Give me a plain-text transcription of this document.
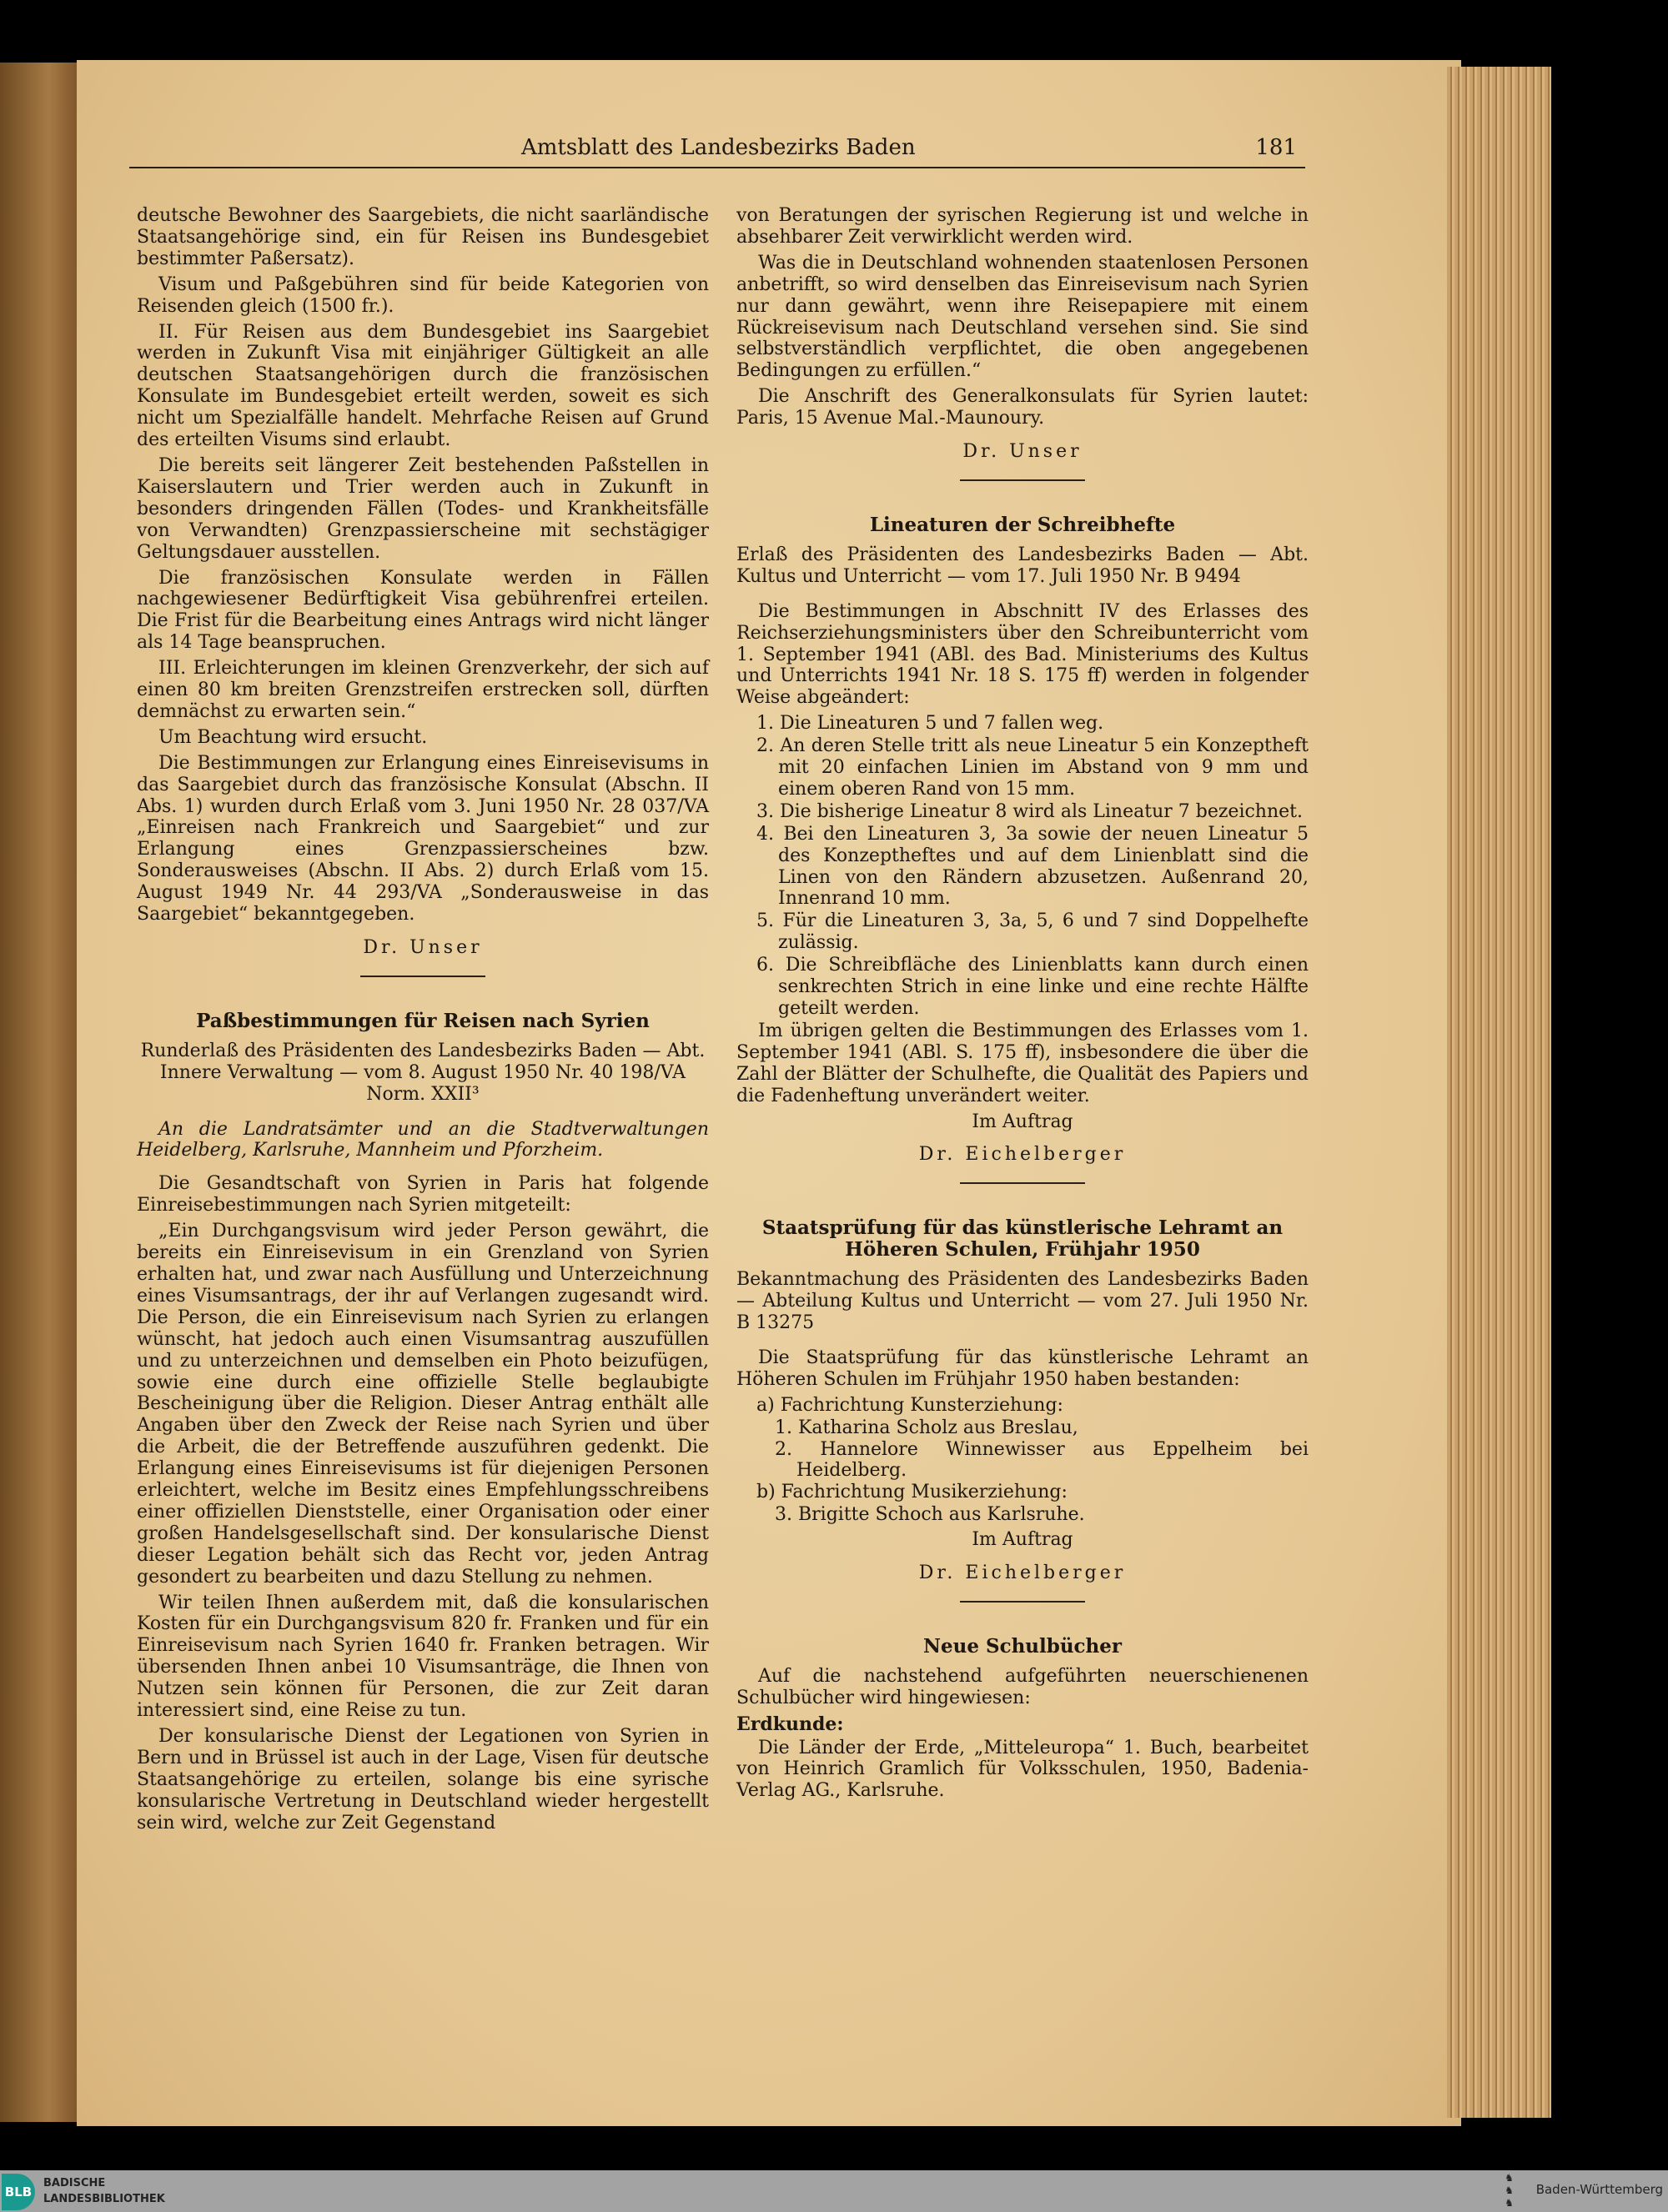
Amtsblatt des Landesbezirks Baden	181
deutsche Bewohner des Saargebiets, die nicht saarländische Staatsangehörige sind, ein für Reisen ins Bundesgebiet bestimmter Paßersatz).
Visum und Paßgebühren sind für beide Kategorien von Reisenden gleich (1500 fr.).
II. Für Reisen aus dem Bundesgebiet ins Saargebiet werden in Zukunft Visa mit einjähriger Gültigkeit an alle deutschen Staatsangehörigen durch die französischen Konsulate im Bundesgebiet erteilt werden, soweit es sich nicht um Spezialfälle handelt. Mehrfache Reisen auf Grund des erteilten Visums sind erlaubt.
Die bereits seit längerer Zeit bestehenden Paßstellen in Kaiserslautern und Trier werden auch in Zukunft in besonders dringenden Fällen (Todes- und Krankheitsfälle von Verwandten) Grenzpassierscheine mit sechstägiger Geltungsdauer ausstellen.
Die französischen Konsulate werden in Fällen nachgewiesener Bedürftigkeit Visa gebührenfrei erteilen. Die Frist für die Bearbeitung eines Antrags wird nicht länger als 14 Tage beanspruchen.
III. Erleichterungen im kleinen Grenzverkehr, der sich auf einen 80 km breiten Grenzstreifen erstrecken soll, dürften demnächst zu erwarten sein.“
Um Beachtung wird ersucht.
Die Bestimmungen zur Erlangung eines Einreisevisums in das Saargebiet durch das französische Konsulat (Abschn. II Abs. 1) wurden durch Erlaß vom 3. Juni 1950 Nr. 28 037/VA „Einreisen nach Frankreich und Saargebiet“ und zur Erlangung eines Grenzpassierscheines bzw. Sonderausweises (Abschn. II Abs. 2) durch Erlaß vom 15. August 1949 Nr. 44 293/VA „Sonderausweise in das Saargebiet“ bekanntgegeben.
Dr. Unser
Paßbestimmungen für Reisen nach Syrien
Runderlaß des Präsidenten des Landesbezirks Baden — Abt. Innere Verwaltung — vom 8. August 1950 Nr. 40 198/VA Norm. XXII³
An die Landratsämter und an die Stadtverwaltungen Heidelberg, Karlsruhe, Mannheim und Pforzheim.
Die Gesandtschaft von Syrien in Paris hat folgende Einreisebestimmungen nach Syrien mitgeteilt:
„Ein Durchgangsvisum wird jeder Person gewährt, die bereits ein Einreisevisum in ein Grenzland von Syrien erhalten hat, und zwar nach Ausfüllung und Unterzeichnung eines Visumsantrags, der ihr auf Verlangen zugesandt wird. Die Person, die ein Einreisevisum nach Syrien zu erlangen wünscht, hat jedoch auch einen Visumsantrag auszufüllen und zu unterzeichnen und demselben ein Photo beizufügen, sowie eine durch eine offizielle Stelle beglaubigte Bescheinigung über die Religion. Dieser Antrag enthält alle Angaben über den Zweck der Reise nach Syrien und über die Arbeit, die der Betreffende auszuführen gedenkt. Die Erlangung eines Einreisevisums ist für diejenigen Personen erleichtert, welche im Besitz eines Empfehlungsschreibens einer offiziellen Dienststelle, einer Organisation oder einer großen Handelsgesellschaft sind. Der konsularische Dienst dieser Legation behält sich das Recht vor, jeden Antrag gesondert zu bearbeiten und dazu Stellung zu nehmen.
Wir teilen Ihnen außerdem mit, daß die konsularischen Kosten für ein Durchgangsvisum 820 fr. Franken und für ein Einreisevisum nach Syrien 1640 fr. Franken betragen. Wir übersenden Ihnen anbei 10 Visumsanträge, die Ihnen von Nutzen sein können für Personen, die zur Zeit daran interessiert sind, eine Reise zu tun.
Der konsularische Dienst der Legationen von Syrien in Bern und in Brüssel ist auch in der Lage, Visen für deutsche Staatsangehörige zu erteilen, solange bis eine syrische konsularische Vertretung in Deutschland wieder hergestellt sein wird, welche zur Zeit Gegenstand
von Beratungen der syrischen Regierung ist und welche in absehbarer Zeit verwirklicht werden wird.
Was die in Deutschland wohnenden staatenlosen Personen anbetrifft, so wird denselben das Einreisevisum nach Syrien nur dann gewährt, wenn ihre Reisepapiere mit einem Rückreisevisum nach Deutschland versehen sind. Sie sind selbstverständlich verpflichtet, die oben angegebenen Bedingungen zu erfüllen.“
Die Anschrift des Generalkonsulats für Syrien lautet: Paris, 15 Avenue Mal.-Maunoury.
Dr. Unser
Lineaturen der Schreibhefte
Erlaß des Präsidenten des Landesbezirks Baden — Abt. Kultus und Unterricht — vom 17. Juli 1950 Nr. B 9494
Die Bestimmungen in Abschnitt IV des Erlasses des Reichserziehungsministers über den Schreibunterricht vom 1. September 1941 (ABl. des Bad. Ministeriums des Kultus und Unterrichts 1941 Nr. 18 S. 175 ff) werden in folgender Weise abgeändert:
1. Die Lineaturen 5 und 7 fallen weg.
2. An deren Stelle tritt als neue Lineatur 5 ein Konzeptheft mit 20 einfachen Linien im Abstand von 9 mm und einem oberen Rand von 15 mm.
3. Die bisherige Lineatur 8 wird als Lineatur 7 bezeichnet.
4. Bei den Lineaturen 3, 3a sowie der neuen Lineatur 5 des Konzeptheftes und auf dem Linienblatt sind die Linen von den Rändern abzusetzen. Außenrand 20, Innenrand 10 mm.
5. Für die Lineaturen 3, 3a, 5, 6 und 7 sind Doppelhefte zulässig.
6. Die Schreibfläche des Linienblatts kann durch einen senkrechten Strich in eine linke und eine rechte Hälfte geteilt werden.
Im übrigen gelten die Bestimmungen des Erlasses vom 1. September 1941 (ABl. S. 175 ff), insbesondere die über die Zahl der Blätter der Schulhefte, die Qualität des Papiers und die Fadenheftung unverändert weiter.
Im Auftrag
Dr. Eichelberger
Staatsprüfung für das künstlerische Lehramt an Höheren Schulen, Frühjahr 1950
Bekanntmachung des Präsidenten des Landesbezirks Baden — Abteilung Kultus und Unterricht — vom 27. Juli 1950 Nr. B 13275
Die Staatsprüfung für das künstlerische Lehramt an Höheren Schulen im Frühjahr 1950 haben bestanden:
a) Fachrichtung Kunsterziehung:
1. Katharina Scholz aus Breslau,
2. Hannelore Winnewisser aus Eppelheim bei Heidelberg.
b) Fachrichtung Musikerziehung:
3. Brigitte Schoch aus Karlsruhe.
Im Auftrag
Dr. Eichelberger
Neue Schulbücher
Auf die nachstehend aufgeführten neuerschienenen Schulbücher wird hingewiesen:
Erdkunde:
Die Länder der Erde, „Mitteleuropa“ 1. Buch, bearbeitet von Heinrich Gramlich für Volksschulen, 1950, Badenia-Verlag AG., Karlsruhe.
BLB
BADISCHE
LANDESBIBLIOTHEK
♞
♞
♞
Baden-Württemberg
